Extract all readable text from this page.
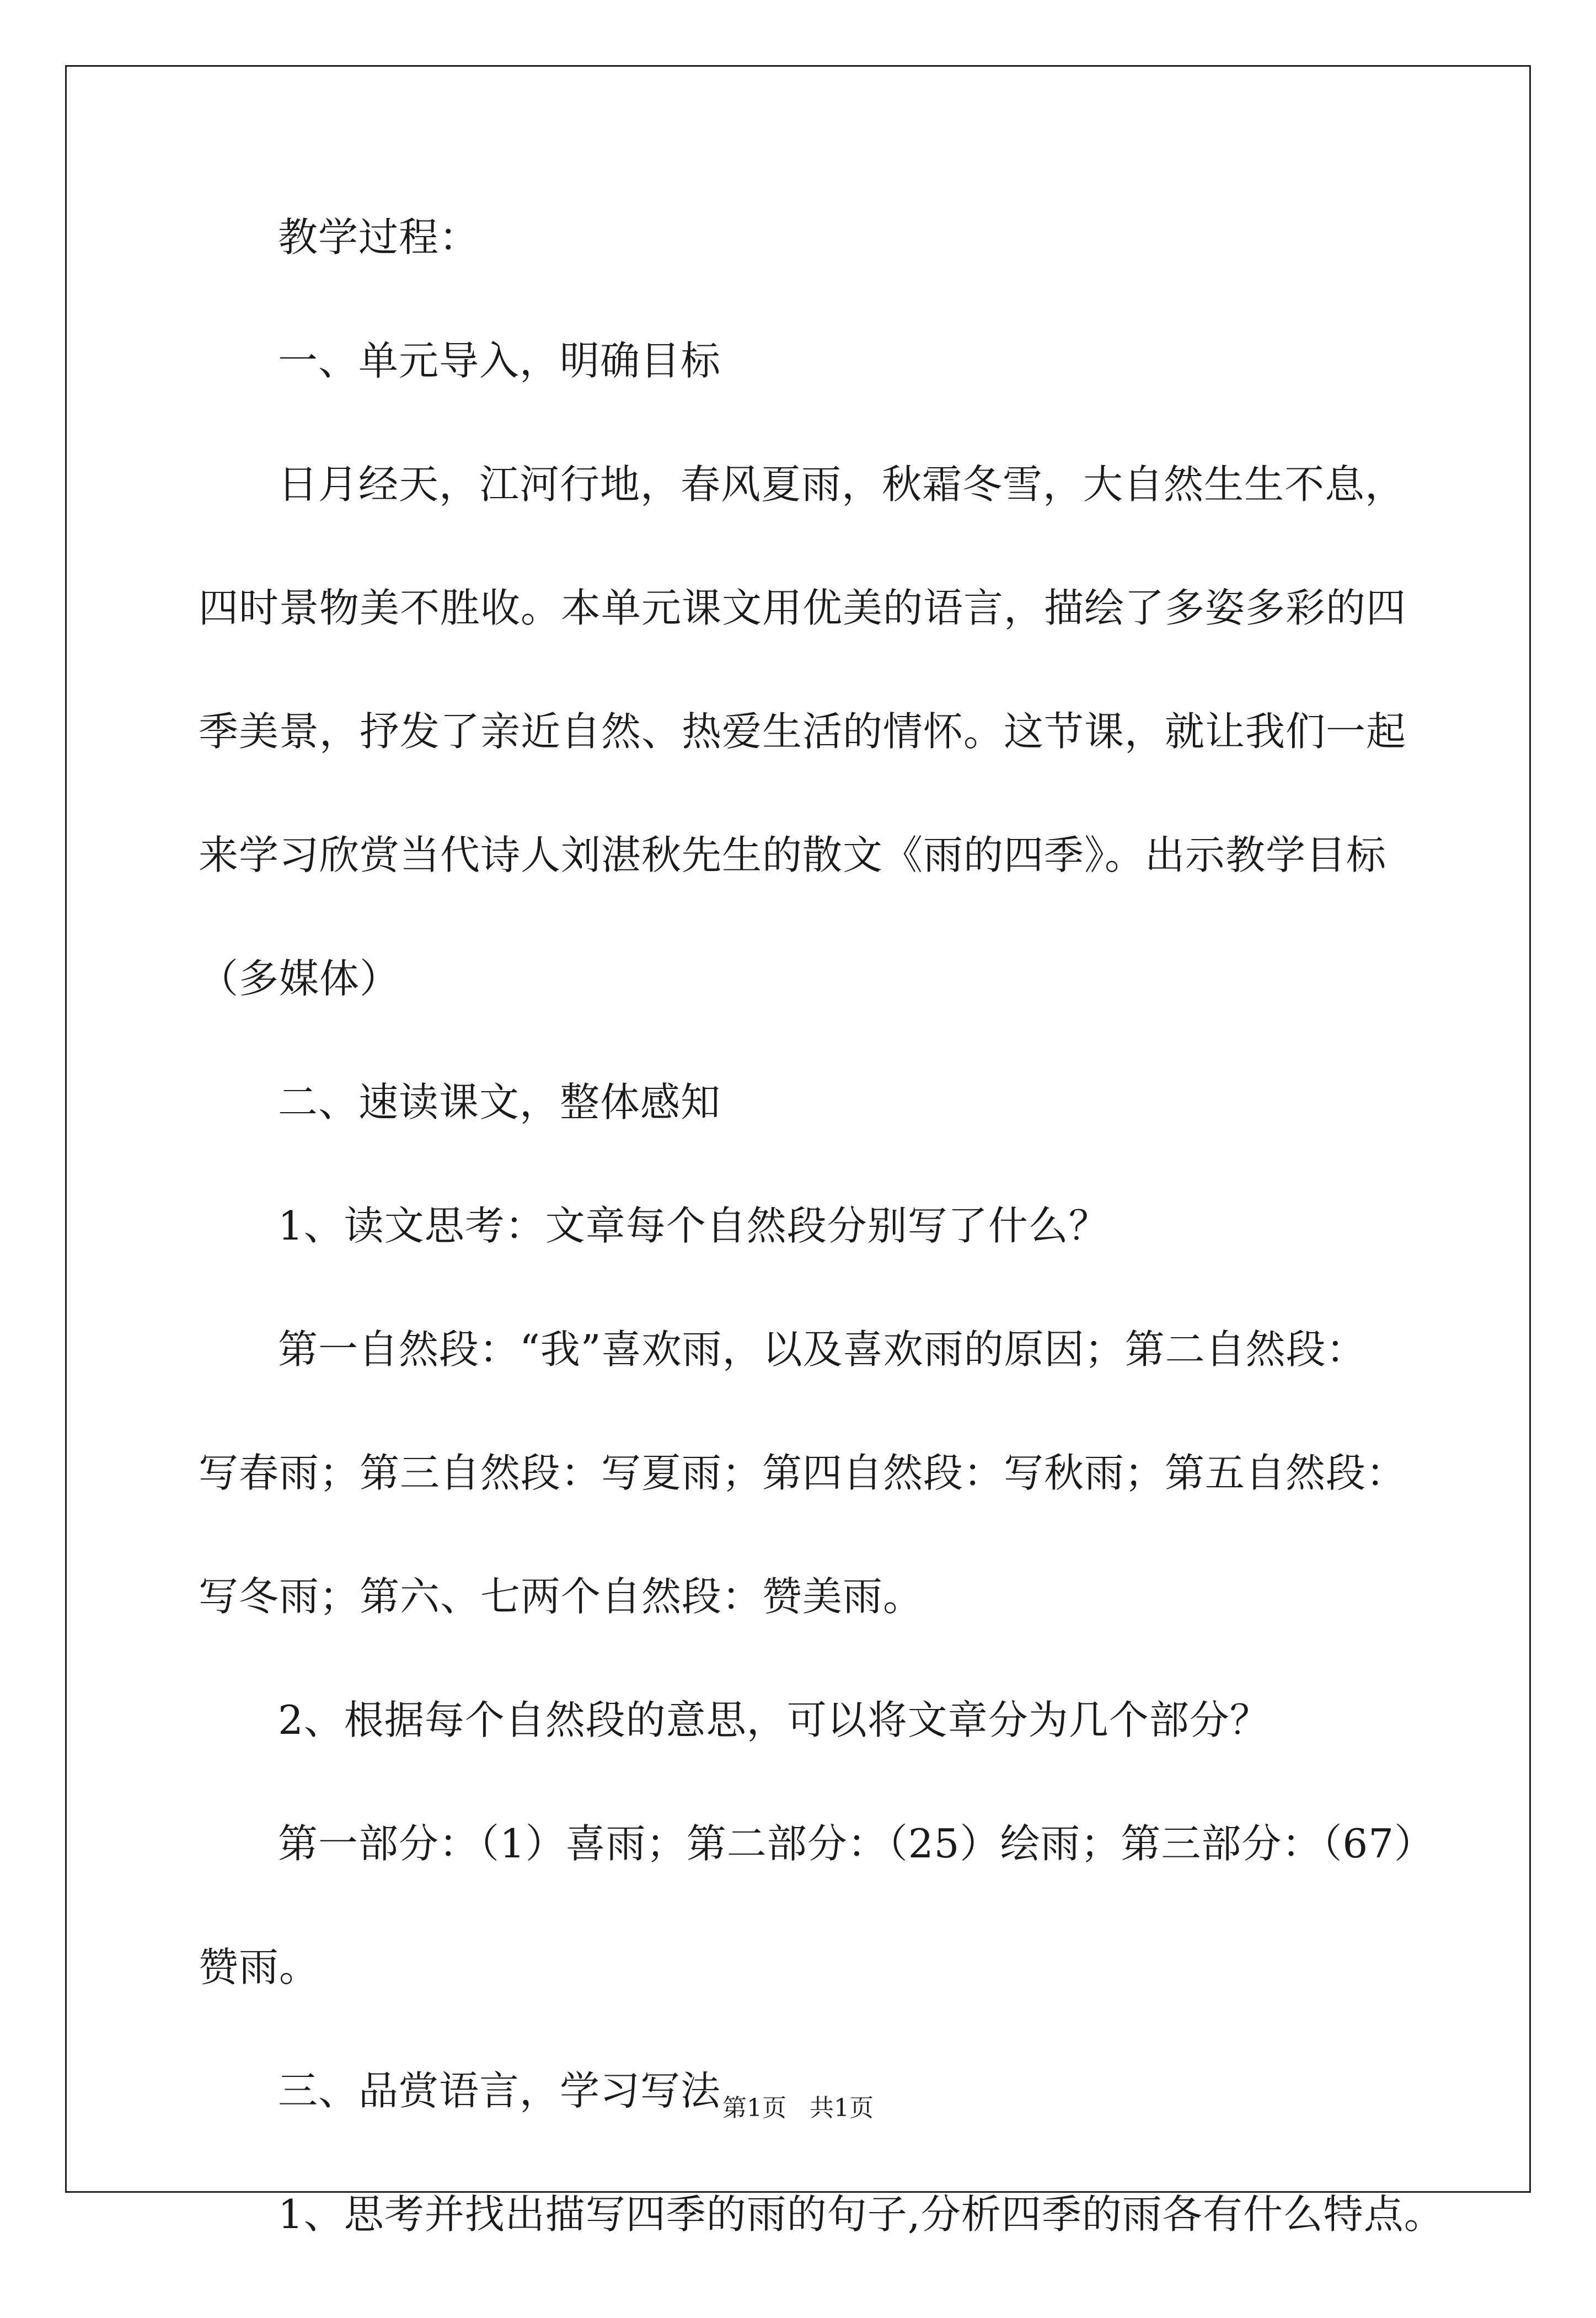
教学过程：
一、单元导入，明确目标
日月经天，江河行地，春风夏雨，秋霜冬雪，大自然生生不息，
四时景物美不胜收。本单元课文用优美的语言，描绘了多姿多彩的四
季美景，抒发了亲近自然、热爱生活的情怀。这节课，就让我们一起
来学习欣赏当代诗人刘湛秋先生的散文《雨的四季》。出示教学目标
（多媒体）
二、速读课文，整体感知
1、读文思考：文章每个自然段分别写了什么？
第一自然段：“我”喜欢雨，以及喜欢雨的原因；第二自然段：
写春雨；第三自然段：写夏雨；第四自然段：写秋雨；第五自然段：
写冬雨；第六、七两个自然段：赞美雨。
2、根据每个自然段的意思，可以将文章分为几个部分？
第一部分：（1）喜雨；第二部分：（25）绘雨；第三部分：（67）
赞雨。
三、品赏语言，学习写法
1、思考并找出描写四季的雨的句子,分析四季的雨各有什么特点。
第1页 共1页
